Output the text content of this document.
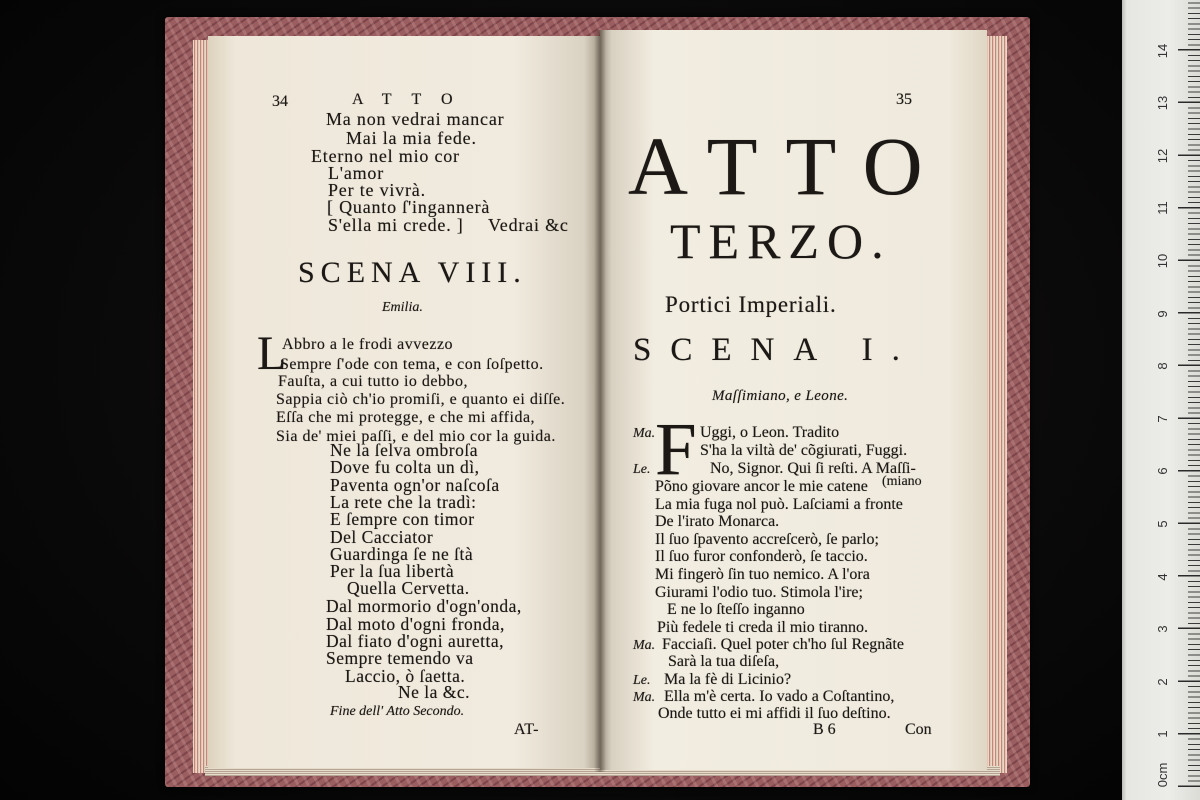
34	ATTO
Ma non vedrai mancar
Mai la mia fede.
Eterno nel mio cor
L'amor
Per te vivrà.
[ Quanto ſ'ingannerà
S'ella mi crede. ] Vedrai &c
SCENA VIII.
Emilia.
L
Abbro a le frodi avvezzo
Sempre ſ'ode con tema, e con ſoſpetto.
Fauſta, a cui tutto io debbo,
Sappia ciò ch'io promiſi, e quanto ei diſſe.
Eſſa che mi protegge, e che mi affida,
Sia de' miei paſſi, e del mio cor la guida.
Ne la ſelva ombroſa
Dove fu colta un dì,
Paventa ogn'or naſcoſa
La rete che la tradì:
E ſempre con timor
Del Cacciator
Guardinga ſe ne ſtà
Per la ſua libertà
Quella Cervetta.
Dal mormorio d'ogn'onda,
Dal moto d'ogni fronda,
Dal fiato d'ogni auretta,
Sempre temendo va
Laccio, ò ſaetta.
Ne la &c.
Fine dell' Atto Secondo.
AT-
35
ATTO
TERZO.
Portici Imperiali.
SCENA I.
Maſſimiano, e Leone.
F
Ma.	Uggi, o Leon. Tradito
S'ha la viltà de' cõgiurati, Fuggi.
Le.	No, Signor. Qui ſi reſti. A Maſſi-
Põno giovare ancor le mie catene (miano
La mia fuga nol può. Laſciami a fronte
De l'irato Monarca.
Il ſuo ſpavento accreſcerò, ſe parlo;
Il ſuo furor confonderò, ſe taccio.
Mi fingerò ſin tuo nemico. A l'ora
Giurami l'odio tuo. Stimola l'ire;
E ne lo ſteſſo inganno
Più fedele ti creda il mio tiranno.
Ma. Facciaſi. Quel poter ch'ho ſul Regnãte
Sarà la tua diſeſa,
Le. Ma la fè di Licinio?
Ma. Ella m'è certa. Io vado a Coſtantino,
Onde tutto ei mi affidi il ſuo deſtino.
B 6	Con
0cm
1
2
3
4
5
6
7
8
9
10
11
12
13
14
